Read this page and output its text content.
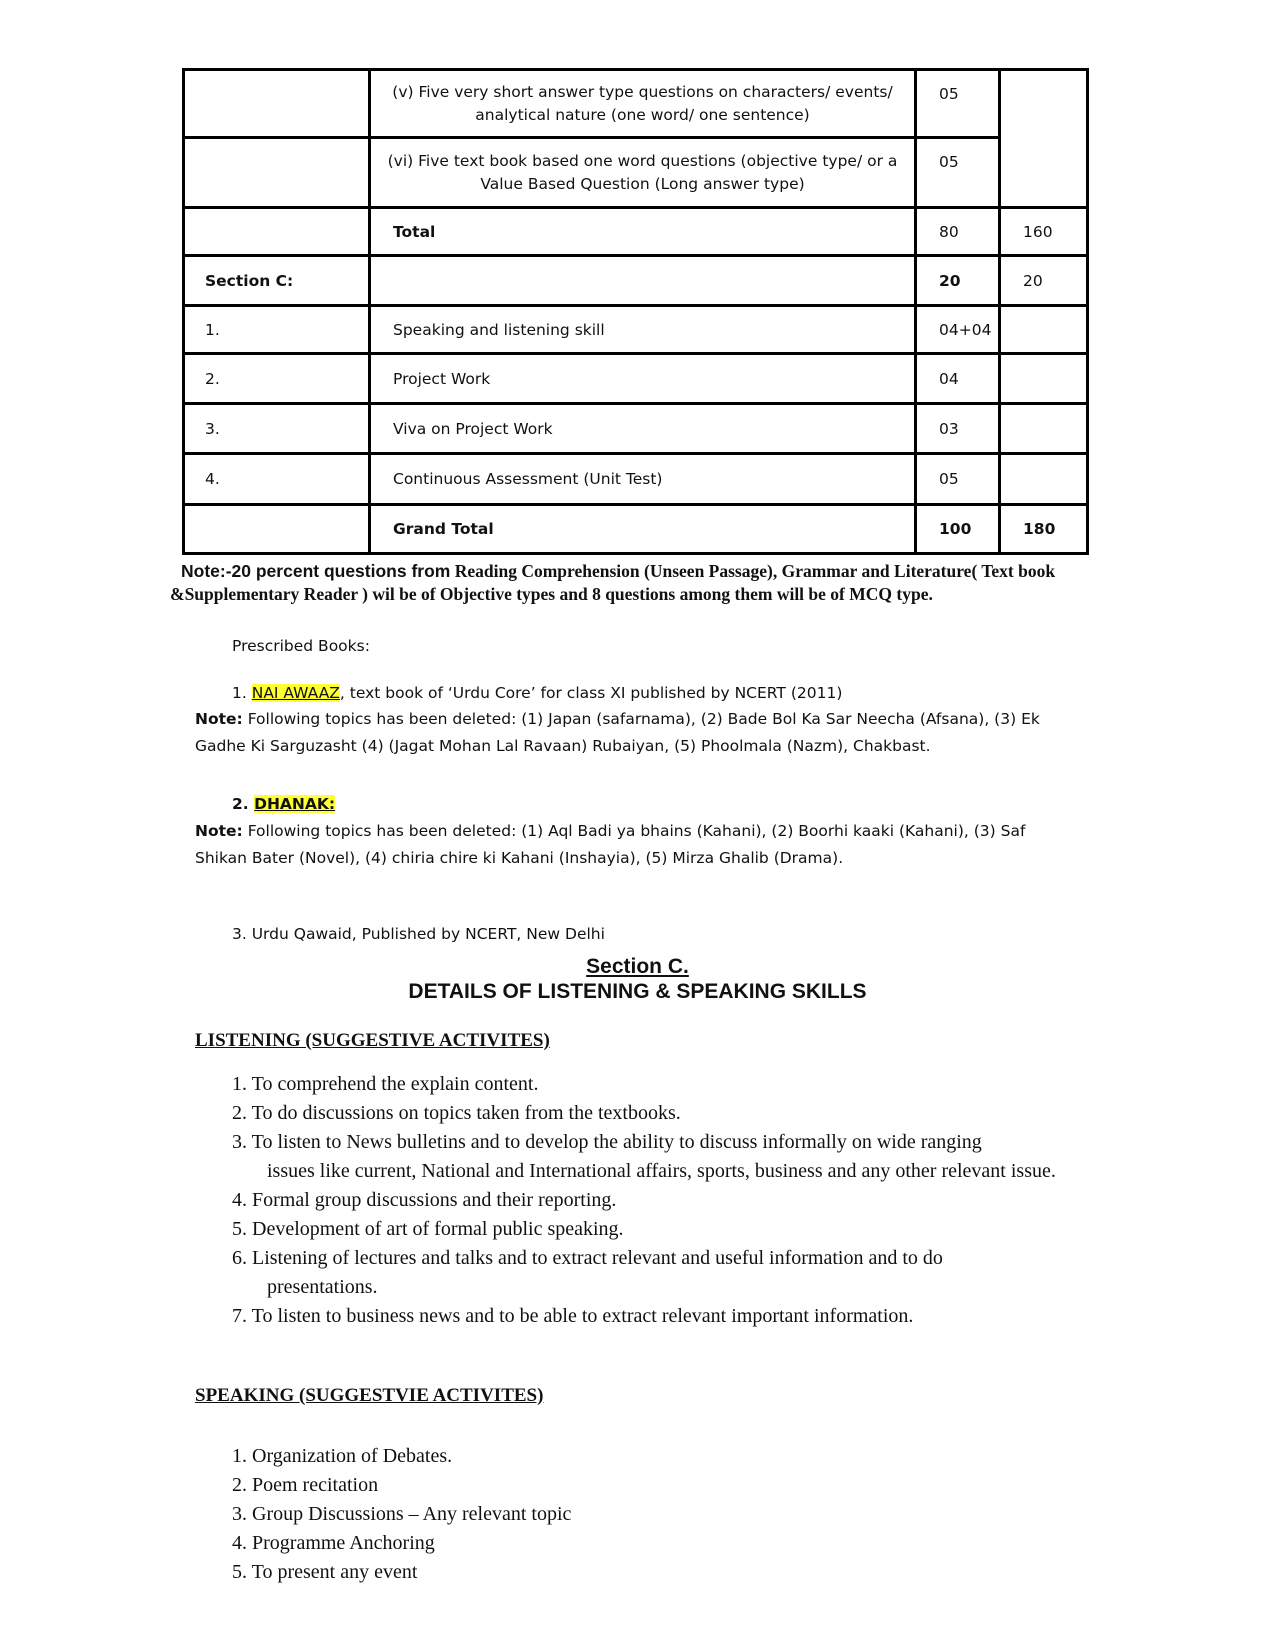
	(v) Five very short answer type questions on characters/ events/ analytical nature (one word/ one sentence)	05	
	(vi) Five text book based one word questions (objective type/ or a Value Based Question (Long answer type)	05	
	Total	80	160
Section C:		20	20
1.	Speaking and listening skill	04+04	
2.	Project Work	04	
3.	Viva on Project Work	03	
4.	Continuous Assessment (Unit Test)	05	
	Grand Total	100	180
Note:-20 percent questions from Reading Comprehension (Unseen Passage), Grammar and Literature( Text book &Supplementary Reader ) wil be of Objective types and 8 questions among them will be of MCQ type.
Prescribed Books:
1. NAI AWAAZ, text book of ‘Urdu Core’ for class XI published by NCERT (2011)
Note: Following topics has been deleted: (1) Japan (safarnama), (2) Bade Bol Ka Sar Neecha (Afsana), (3) Ek Gadhe Ki Sarguzasht (4) (Jagat Mohan Lal Ravaan) Rubaiyan, (5) Phoolmala (Nazm), Chakbast.
2. DHANAK:
Note: Following topics has been deleted: (1) Aql Badi ya bhains (Kahani), (2) Boorhi kaaki (Kahani), (3) Saf Shikan Bater (Novel), (4) chiria chire ki Kahani (Inshayia), (5) Mirza Ghalib (Drama).
3. Urdu Qawaid, Published by NCERT, New Delhi
Section C.
DETAILS OF LISTENING & SPEAKING SKILLS
LISTENING (SUGGESTIVE ACTIVITES)
1. To comprehend the explain content.
2. To do discussions on topics taken from the textbooks.
3. To listen to News bulletins and to develop the ability to discuss informally on wide ranging
issues like current, National and International affairs, sports, business and any other relevant issue.
4. Formal group discussions and their reporting.
5. Development of art of formal public speaking.
6. Listening of lectures and talks and to extract relevant and useful information and to do
presentations.
7. To listen to business news and to be able to extract relevant important information.
SPEAKING (SUGGESTVIE ACTIVITES)
1. Organization of Debates.
2. Poem recitation
3. Group Discussions – Any relevant topic
4. Programme Anchoring
5. To present any event
